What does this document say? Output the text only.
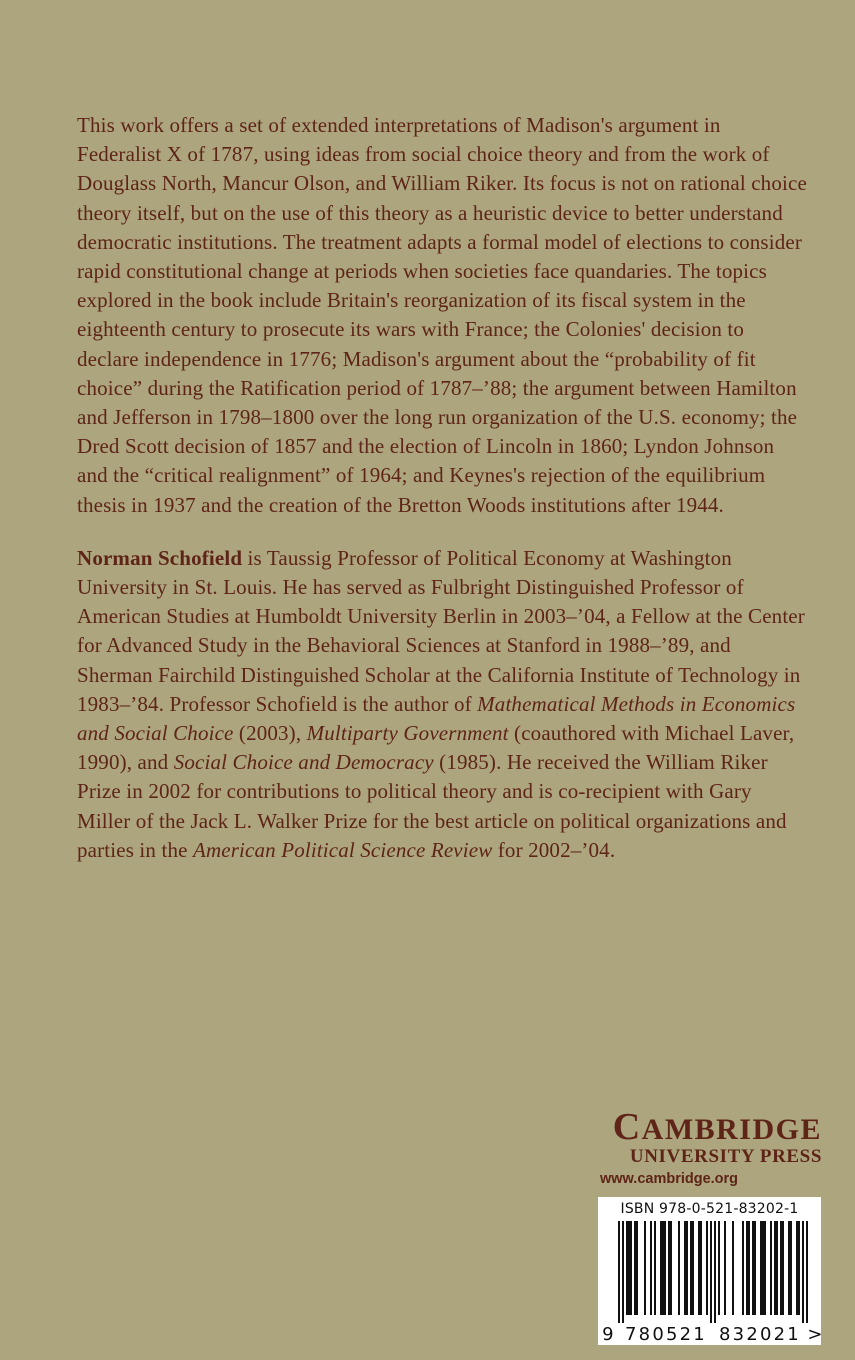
This work offers a set of extended interpretations of Madison's argument in Federalist X of 1787, using ideas from social choice theory and from the work of Douglass North, Mancur Olson, and William Riker. Its focus is not on rational choice theory itself, but on the use of this theory as a heuristic device to better understand democratic institutions. The treatment adapts a formal model of elections to consider rapid constitutional change at periods when societies face quandaries. The topics explored in the book include Britain's reorganization of its fiscal system in the eighteenth century to prosecute its wars with France; the Colonies' decision to declare independence in 1776; Madison's argument about the “probability of fit choice” during the Ratification period of 1787–’88; the argument between Hamilton and Jefferson in 1798–1800 over the long run organization of the U.S. economy; the Dred Scott decision of 1857 and the election of Lincoln in 1860; Lyndon Johnson and the “critical realignment” of 1964; and Keynes's rejection of the equilibrium thesis in 1937 and the creation of the Bretton Woods institutions after 1944.

Norman Schofield is Taussig Professor of Political Economy at Washington University in St. Louis. He has served as Fulbright Distinguished Professor of American Studies at Humboldt University Berlin in 2003–’04, a Fellow at the Center for Advanced Study in the Behavioral Sciences at Stanford in 1988–’89, and Sherman Fairchild Distinguished Scholar at the California Institute of Technology in 1983–’84. Professor Schofield is the author of Mathematical Methods in Economics and Social Choice (2003), Multiparty Government (coauthored with Michael Laver, 1990), and Social Choice and Democracy (1985). He received the William Riker Prize in 2002 for contributions to political theory and is co-recipient with Gary Miller of the Jack L. Walker Prize for the best article on political organizations and parties in the American Political Science Review for 2002–’04.

CAMBRIDGE
UNIVERSITY PRESS
www.cambridge.org
ISBN 978-0-521-83202-1
9 780521 832021 >
